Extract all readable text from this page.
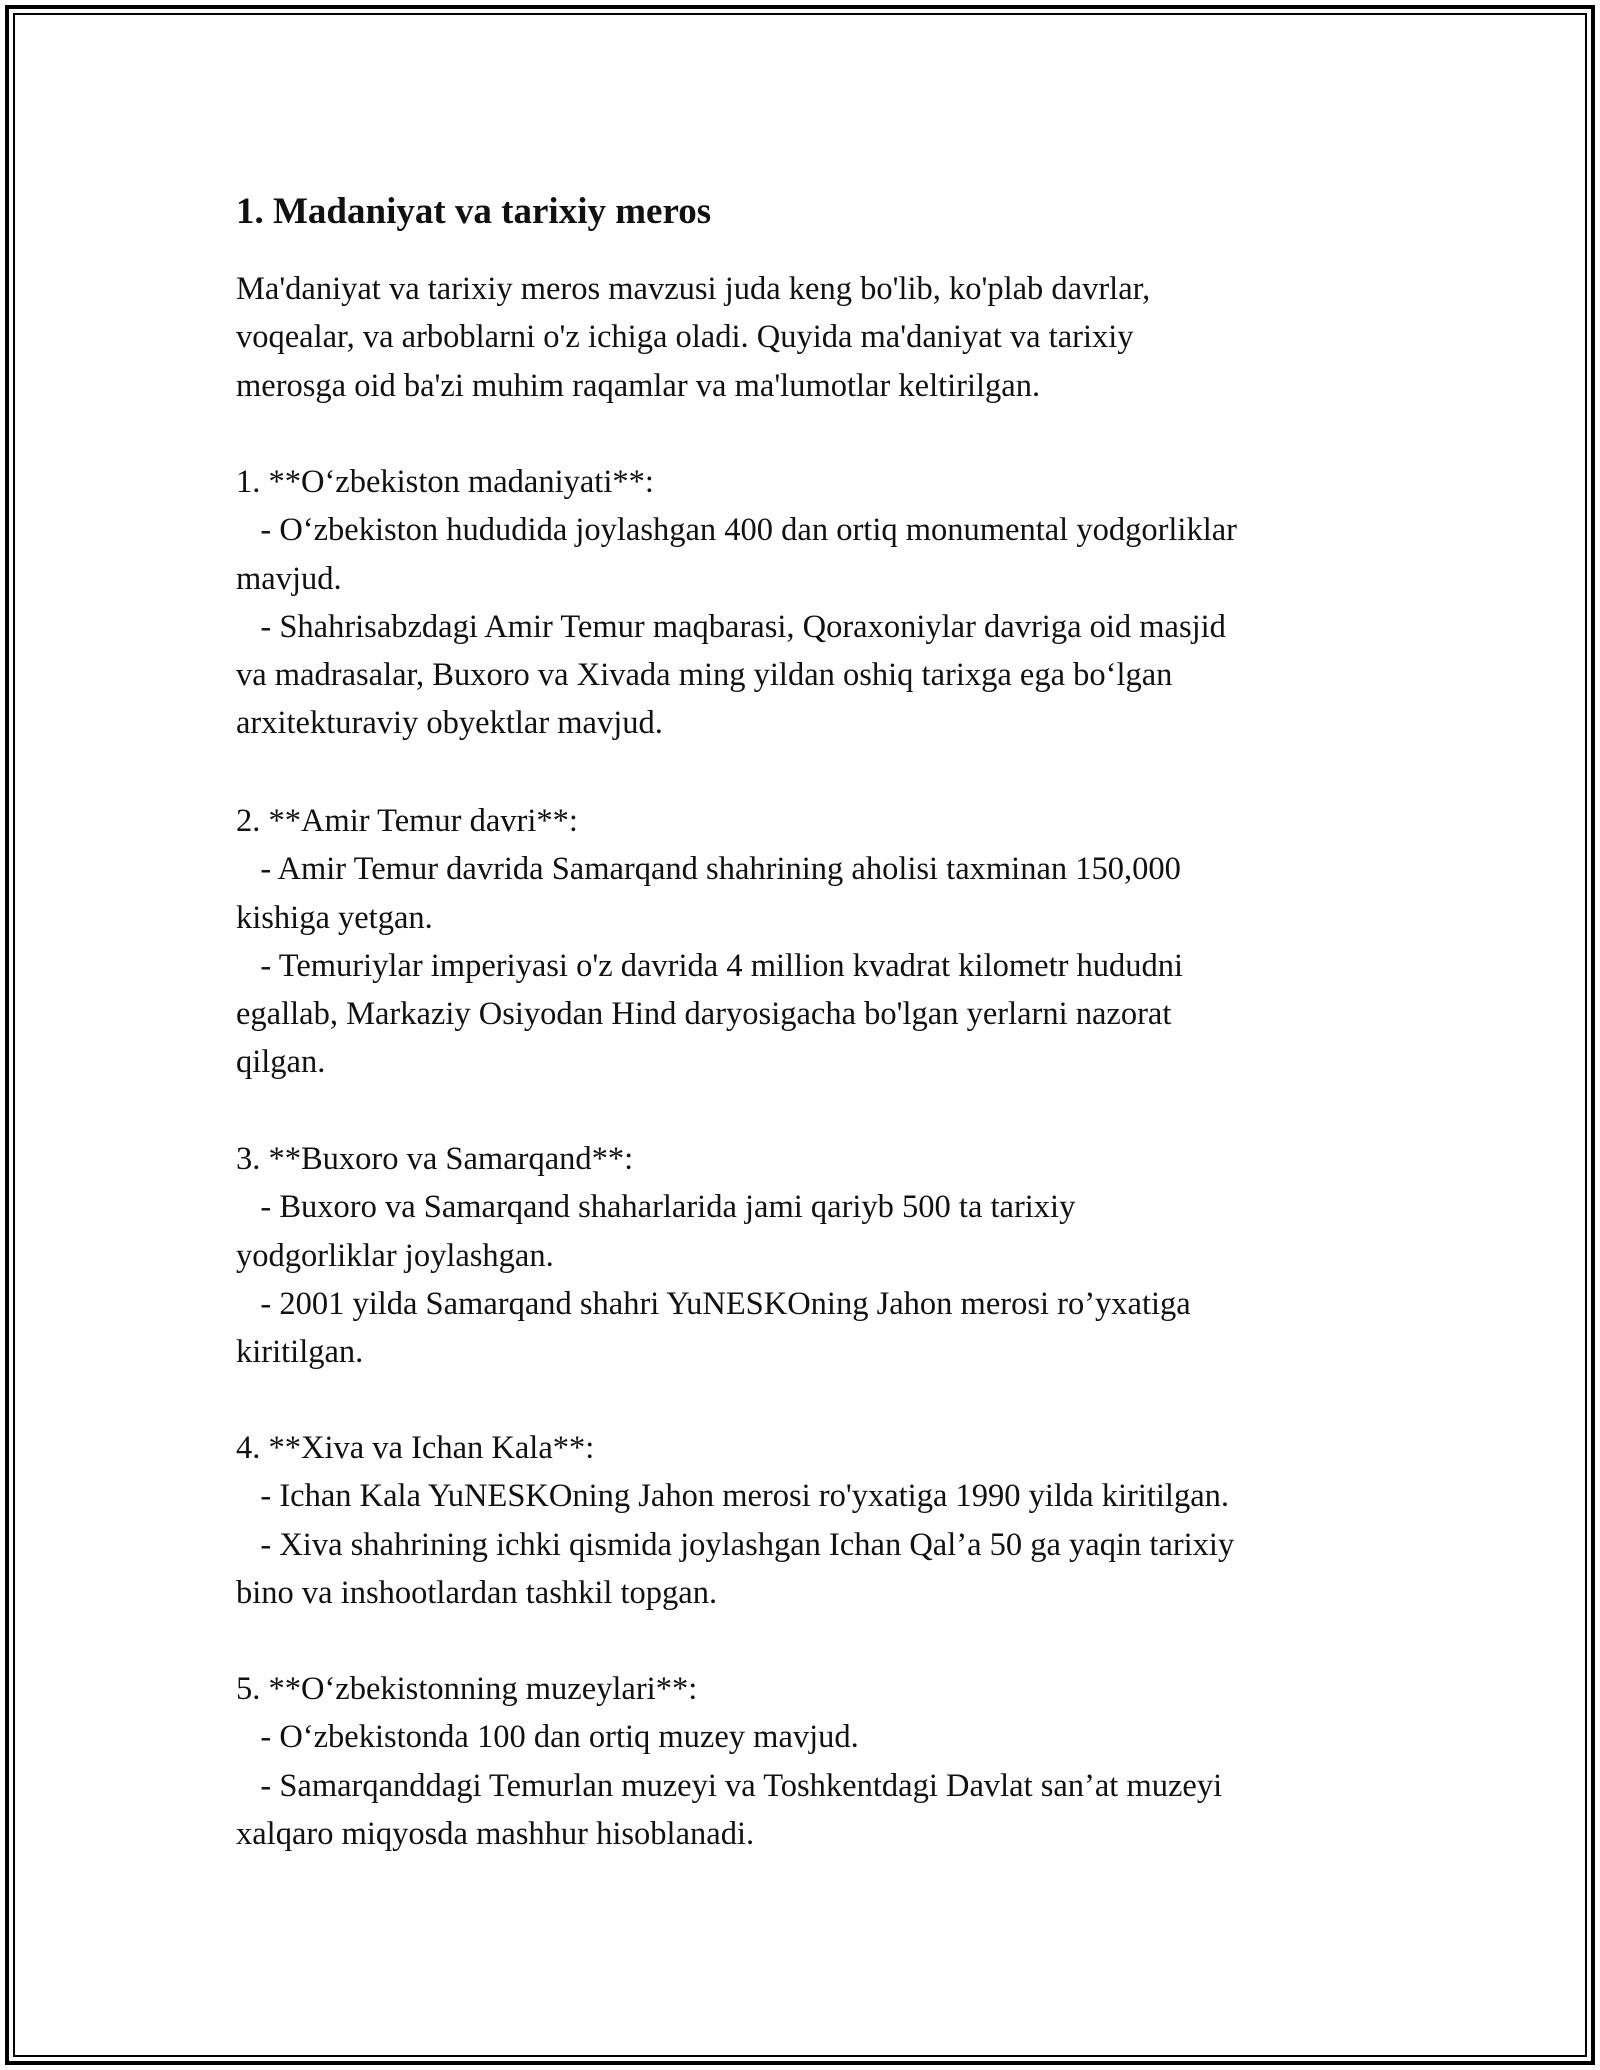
1. Madaniyat va tarixiy meros

Ma'daniyat va tarixiy meros mavzusi juda keng bo'lib, ko'plab davrlar,
voqealar, va arboblarni o'z ichiga oladi. Quyida ma'daniyat va tarixiy
merosga oid ba'zi muhim raqamlar va ma'lumotlar keltirilgan.

1. **O‘zbekiston madaniyati**:
- O‘zbekiston hududida joylashgan 400 dan ortiq monumental yodgorliklar
mavjud.
- Shahrisabzdagi Amir Temur maqbarasi, Qoraxoniylar davriga oid masjid
va madrasalar, Buxoro va Xivada ming yildan oshiq tarixga ega bo‘lgan
arxitekturaviy obyektlar mavjud.

2. **Amir Temur davri**:
- Amir Temur davrida Samarqand shahrining aholisi taxminan 150,000
kishiga yetgan.
- Temuriylar imperiyasi o'z davrida 4 million kvadrat kilometr hududni
egallab, Markaziy Osiyodan Hind daryosigacha bo'lgan yerlarni nazorat
qilgan.

3. **Buxoro va Samarqand**:
- Buxoro va Samarqand shaharlarida jami qariyb 500 ta tarixiy
yodgorliklar joylashgan.
- 2001 yilda Samarqand shahri YuNESKOning Jahon merosi ro’yxatiga
kiritilgan.

4. **Xiva va Ichan Kala**:
- Ichan Kala YuNESKOning Jahon merosi ro'yxatiga 1990 yilda kiritilgan.
- Xiva shahrining ichki qismida joylashgan Ichan Qal’a 50 ga yaqin tarixiy
bino va inshootlardan tashkil topgan.

5. **O‘zbekistonning muzeylari**:
- O‘zbekistonda 100 dan ortiq muzey mavjud.
- Samarqanddagi Temurlan muzeyi va Toshkentdagi Davlat san’at muzeyi
xalqaro miqyosda mashhur hisoblanadi.
